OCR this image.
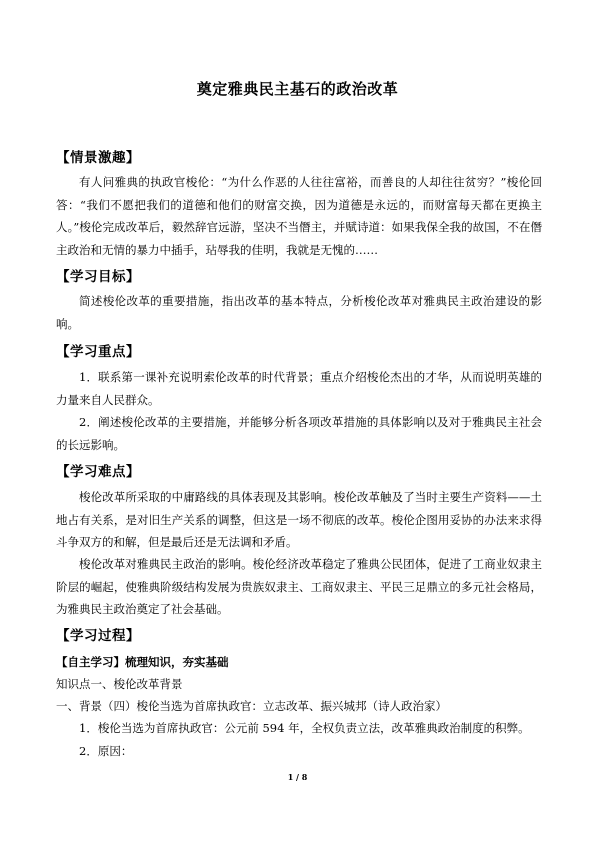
奠定雅典民主基石的政治改革
【情景激趣】

有人问雅典的执政官梭伦：“为什么作恶的人往往富裕，而善良的人却往往贫穷？”梭伦回答：“我们不愿把我们的道德和他们的财富交换，因为道德是永远的，而财富每天都在更换主人。”梭伦完成改革后，毅然辞官远游，坚决不当僭主，并赋诗道：如果我保全我的故国，不在僭主政治和无情的暴力中插手，玷辱我的佳明，我就是无愧的……

【学习目标】

简述梭伦改革的重要措施，指出改革的基本特点，分析梭伦改革对雅典民主政治建设的影响。

【学习重点】

1．联系第一课补充说明索伦改革的时代背景；重点介绍梭伦杰出的才华，从而说明英雄的力量来自人民群众。

2．阐述梭伦改革的主要措施，并能够分析各项改革措施的具体影响以及对于雅典民主社会的长远影响。

【学习难点】

梭伦改革所采取的中庸路线的具体表现及其影响。梭伦改革触及了当时主要生产资料——土地占有关系，是对旧生产关系的调整，但这是一场不彻底的改革。梭伦企图用妥协的办法来求得斗争双方的和解，但是最后还是无法调和矛盾。

梭伦改革对雅典民主政治的影响。梭伦经济改革稳定了雅典公民团体，促进了工商业奴隶主阶层的崛起，使雅典阶级结构发展为贵族奴隶主、工商奴隶主、平民三足鼎立的多元社会格局，为雅典民主政治奠定了社会基础。

【学习过程】
【自主学习】梳理知识，夯实基础
知识点一、梭伦改革背景
一、背景（四）梭伦当选为首席执政官：立志改革、振兴城邦（诗人政治家）
1．梭伦当选为首席执政官：公元前 594 年，全权负责立法，改革雅典政治制度的积弊。
2．原因：
1 / 8
